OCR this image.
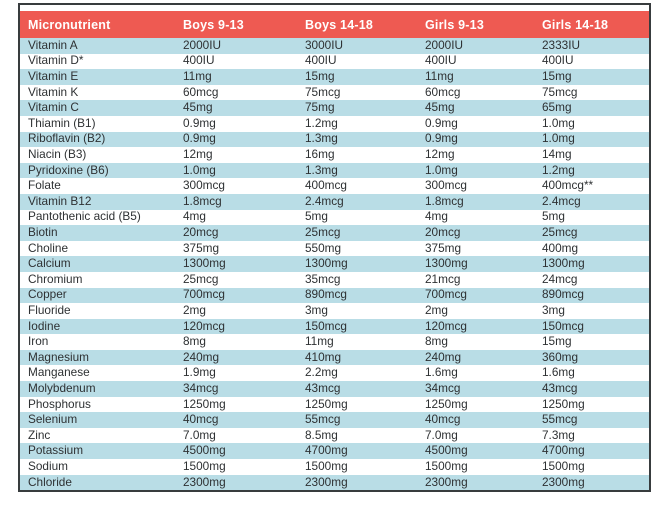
Micronutrient	Boys 9-13	Boys 14-18	Girls 9-13	Girls 14-18
Vitamin A	2000IU	3000IU	2000IU	2333IU
Vitamin D*	400IU	400IU	400IU	400IU
Vitamin E	11mg	15mg	11mg	15mg
Vitamin K	60mcg	75mcg	60mcg	75mcg
Vitamin C	45mg	75mg	45mg	65mg
Thiamin (B1)	0.9mg	1.2mg	0.9mg	1.0mg
Riboflavin (B2)	0.9mg	1.3mg	0.9mg	1.0mg
Niacin (B3)	12mg	16mg	12mg	14mg
Pyridoxine (B6)	1.0mg	1.3mg	1.0mg	1.2mg
Folate	300mcg	400mcg	300mcg	400mcg**
Vitamin B12	1.8mcg	2.4mcg	1.8mcg	2.4mcg
Pantothenic acid (B5)	4mg	5mg	4mg	5mg
Biotin	20mcg	25mcg	20mcg	25mcg
Choline	375mg	550mg	375mg	400mg
Calcium	1300mg	1300mg	1300mg	1300mg
Chromium	25mcg	35mcg	21mcg	24mcg
Copper	700mcg	890mcg	700mcg	890mcg
Fluoride	2mg	3mg	2mg	3mg
Iodine	120mcg	150mcg	120mcg	150mcg
Iron	8mg	11mg	8mg	15mg
Magnesium	240mg	410mg	240mg	360mg
Manganese	1.9mg	2.2mg	1.6mg	1.6mg
Molybdenum	34mcg	43mcg	34mcg	43mcg
Phosphorus	1250mg	1250mg	1250mg	1250mg
Selenium	40mcg	55mcg	40mcg	55mcg
Zinc	7.0mg	8.5mg	7.0mg	7.3mg
Potassium	4500mg	4700mg	4500mg	4700mg
Sodium	1500mg	1500mg	1500mg	1500mg
Chloride	2300mg	2300mg	2300mg	2300mg
